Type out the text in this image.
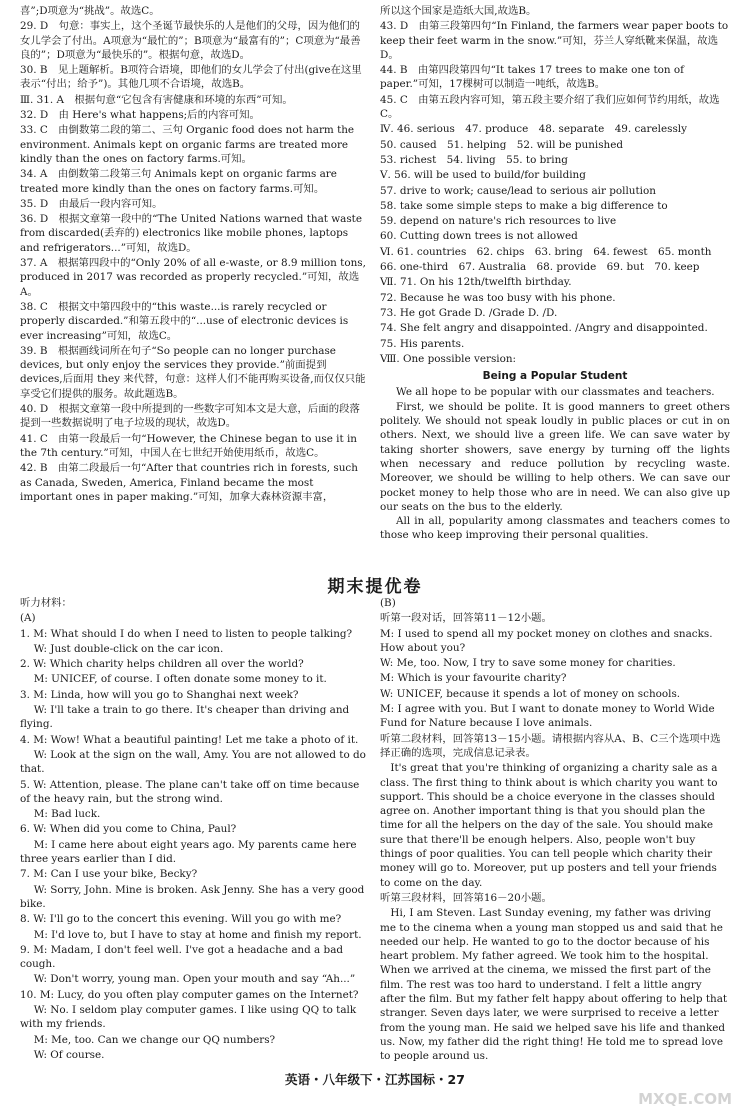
喜”;D项意为“挑战”。故选C。
29. D　句意：事实上，这个圣诞节最快乐的人是他们的父母，因为他们的女儿学会了付出。A项意为“最忙的”；B项意为“最富有的”；C项意为“最善良的”；D项意为“最快乐的”。根据句意，故选D。
30. B　见上题解析。B项符合语境，即他们的女儿学会了付出(give在这里表示“付出；给予”)。其他几项不合语境，故选B。
Ⅲ. 31. A　根据句意“它包含有害健康和环境的东西”可知。
32. D　由 Here's what happens;后的内容可知。
33. C　由倒数第二段的第二、三句 Organic food does not harm the environment. Animals kept on organic farms are treated more kindly than the ones on factory farms.可知。
34. A　由倒数第二段第三句 Animals kept on organic farms are treated more kindly than the ones on factory farms.可知。
35. D　由最后一段内容可知。
36. D　根据文章第一段中的“The United Nations warned that waste from discarded(丢弃的) electronics like mobile phones, laptops and refrigerators...”可知，故选D。
37. A　根据第四段中的“Only 20% of all e-waste, or 8.9 million tons, produced in 2017 was recorded as properly recycled.”可知，故选A。
38. C　根据文中第四段中的“this waste...is rarely recycled or properly discarded.”和第五段中的“...use of electronic devices is ever increasing”可知，故选C。
39. B　根据画线词所在句子“So people can no longer purchase devices, but only enjoy the services they provide.”前面提到 devices,后面用 they 来代替，句意：这样人们不能再购买设备,而仅仅只能享受它们提供的服务。故此题选B。
40. D　根据文章第一段中所提到的一些数字可知本文是大意，后面的段落提到一些数据说明了电子垃圾的现状，故选D。
41. C　由第一段最后一句“However, the Chinese began to use it in the 7th century.”可知，中国人在七世纪开始使用纸币，故选C。
42. B　由第二段最后一句“After that countries rich in forests, such as Canada, Sweden, America, Finland became the most important ones in paper making.”可知，加拿大森林资源丰富，
所以这个国家是造纸大国,故选B。
43. D　由第三段第四句“In Finland, the farmers wear paper boots to keep their feet warm in the snow.”可知，芬兰人穿纸靴来保温，故选D。
44. B　由第四段第四句“It takes 17 trees to make one ton of paper.”可知，17棵树可以制造一吨纸，故选B。
45. C　由第五段内容可知，第五段主要介绍了我们应如何节约用纸，故选C。
Ⅳ. 46. serious　47. produce　48. separate　49. carelessly
50. caused　51. helping　52. will be punished
53. richest　54. living　55. to bring
Ⅴ. 56. will be used to build/for building
57. drive to work; cause/lead to serious air pollution
58. take some simple steps to make a big difference to
59. depend on nature's rich resources to live
60. Cutting down trees is not allowed
Ⅵ. 61. countries　62. chips　63. bring　64. fewest　65. month
66. one-third　67. Australia　68. provide　69. but　70. keep
Ⅶ. 71. On his 12th/twelfth birthday.
72. Because he was too busy with his phone.
73. He got Grade D. /Grade D. /D.
74. She felt angry and disappointed. /Angry and disappointed.
75. His parents.
Ⅷ. One possible version:
Being a Popular Student

We all hope to be popular with our classmates and teachers.

First, we should be polite. It is good manners to greet others politely. We should not speak loudly in public places or cut in on others. Next, we should live a green life. We can save water by taking shorter showers, save energy by turning off the lights when necessary and reduce pollution by recycling waste. Moreover, we should be willing to help others. We can save our pocket money to help those who are in need. We can also give up our seats on the bus to the elderly.

All in all, popularity among classmates and teachers comes to those who keep improving their personal qualities.

期末提优卷
听力材料：
(A)
1. M: What should I do when I need to listen to people talking?
　 W: Just double-click on the car icon.
2. W: Which charity helps children all over the world?
　 M: UNICEF, of course. I often donate some money to it.
3. M: Linda, how will you go to Shanghai next week?
　 W: I'll take a train to go there. It's cheaper than driving and flying.
4. M: Wow! What a beautiful painting! Let me take a photo of it.
　 W: Look at the sign on the wall, Amy. You are not allowed to do that.
5. W: Attention, please. The plane can't take off on time because of the heavy rain, but the strong wind.
　 M: Bad luck.
6. W: When did you come to China, Paul?
　 M: I came here about eight years ago. My parents came here three years earlier than I did.
7. M: Can I use your bike, Becky?
　 W: Sorry, John. Mine is broken. Ask Jenny. She has a very good bike.
8. W: I'll go to the concert this evening. Will you go with me?
　 M: I'd love to, but I have to stay at home and finish my report.
9. M: Madam, I don't feel well. I've got a headache and a bad cough.
　 W: Don't worry, young man. Open your mouth and say “Ah...”
10. M: Lucy, do you often play computer games on the Internet?
　 W: No. I seldom play computer games. I like using QQ to talk with my friends.
　 M: Me, too. Can we change our QQ numbers?
　 W: Of course.
(B)
听第一段对话，回答第11－12小题。
M: I used to spend all my pocket money on clothes and snacks. How about you?
W: Me, too. Now, I try to save some money for charities.
M: Which is your favourite charity?
W: UNICEF, because it spends a lot of money on schools.
M: I agree with you. But I want to donate money to World Wide Fund for Nature because I love animals.
听第二段材料，回答第13－15小题。请根据内容从A、B、C三个选项中选择正确的选项，完成信息记录表。
　It's great that you're thinking of organizing a charity sale as a class. The first thing to think about is which charity you want to support. This should be a choice everyone in the classes should agree on. Another important thing is that you should plan the time for all the helpers on the day of the sale. You should make sure that there'll be enough helpers. Also, people won't buy things of poor qualities. You can tell people which charity their money will go to. Moreover, put up posters and tell your friends to come on the day.
听第三段材料，回答第16－20小题。
　Hi, I am Steven. Last Sunday evening, my father was driving me to the cinema when a young man stopped us and said that he needed our help. He wanted to go to the doctor because of his heart problem. My father agreed. We took him to the hospital. When we arrived at the cinema, we missed the first part of the film. The rest was too hard to understand. I felt a little angry after the film. But my father felt happy about offering to help that stranger. Seven days later, we were surprised to receive a letter from the young man. He said we helped save his life and thanked us. Now, my father did the right thing! He told me to spread love to people around us.
英语・八年级下・江苏国标・27
MXQE.COM
